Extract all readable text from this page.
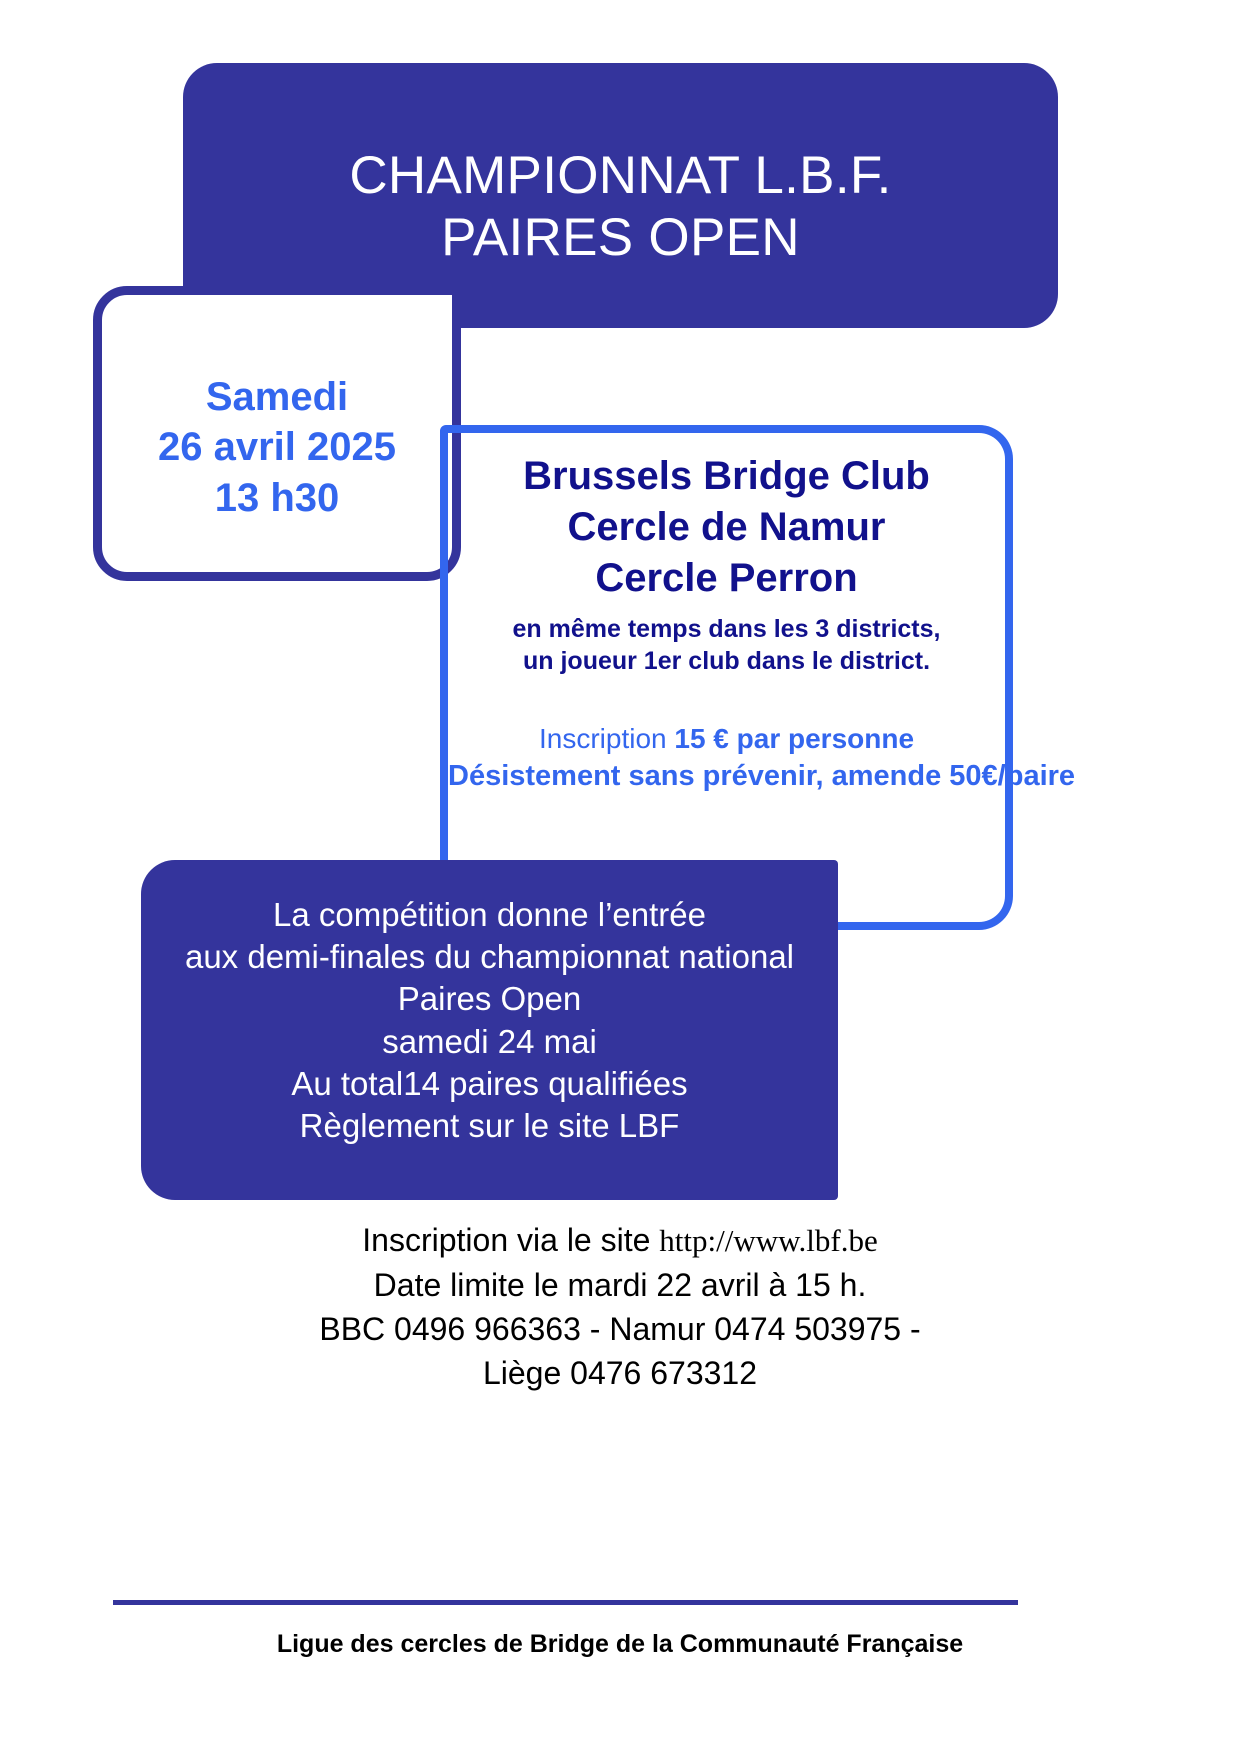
CHAMPIONNAT L.B.F.
PAIRES OPEN
Samedi
26 avril 2025
13 h30
Brussels Bridge Club
Cercle de Namur
Cercle Perron
en même temps dans les 3 districts,
un joueur 1er club dans le district.
Inscription 15 € par personne
Désistement sans prévenir, amende 50€/paire
La compétition donne l’entrée
aux demi-finales du championnat national
Paires Open
samedi 24 mai
Au total14 paires qualifiées
Règlement sur le site LBF
Inscription via le site http://www.lbf.be
Date limite le mardi 22 avril à 15 h.
BBC 0496 966363 - Namur 0474 503975 -
Liège 0476 673312
Ligue des cercles de Bridge de la Communauté Française
